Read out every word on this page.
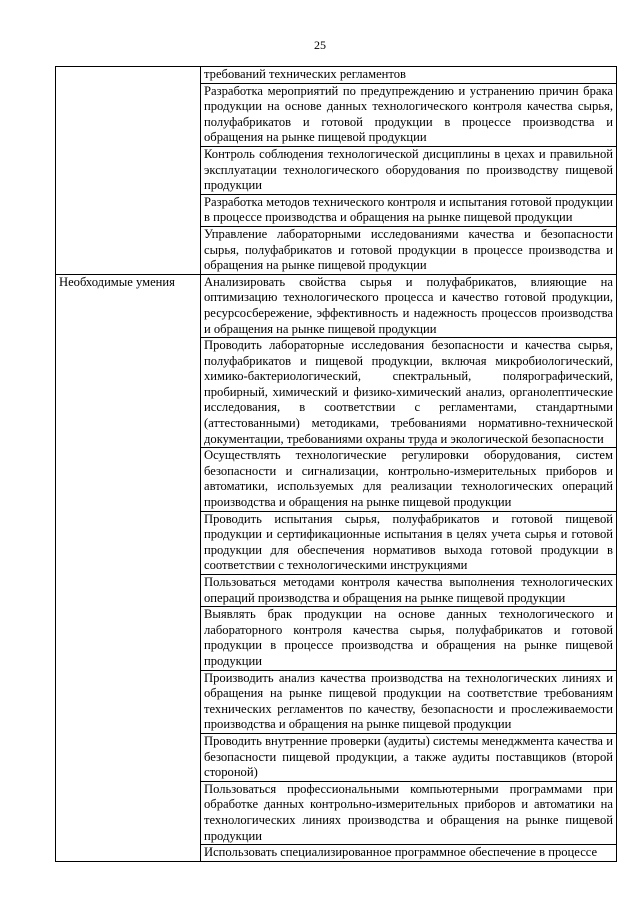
25

	требований технических регламентов

	Разработка мероприятий по предупреждению и устранению причин брака продукции на основе данных технологического контроля качества сырья, полуфабрикатов и готовой продукции в процессе производства и обращения на рынке пищевой продукции

	Контроль соблюдения технологической дисциплины в цехах и правильной эксплуатации технологического оборудования по производству пищевой продукции

	Разработка методов технического контроля и испытания готовой продукции в процессе производства и обращения на рынке пищевой продукции

	Управление лабораторными исследованиями качества и безопасности сырья, полуфабрикатов и готовой продукции в процессе производства и обращения на рынке пищевой продукции

Необходимые умения	Анализировать свойства сырья и полуфабрикатов, влияющие на оптимизацию технологического процесса и качество готовой продукции, ресурсосбережение, эффективность и надежность процессов производства и обращения на рынке пищевой продукции

	Проводить лабораторные исследования безопасности и качества сырья, полуфабрикатов и пищевой продукции, включая микробиологический, химико-бактериологический, спектральный, полярографический, пробирный, химический и физико-химический анализ, органолептические исследования, в соответствии с регламентами, стандартными (аттестованными) методиками, требованиями нормативно-технической документации, требованиями охраны труда и экологической безопасности

	Осуществлять технологические регулировки оборудования, систем безопасности и сигнализации, контрольно-измерительных приборов и автоматики, используемых для реализации технологических операций производства и обращения на рынке пищевой продукции

	Проводить испытания сырья, полуфабрикатов и готовой пищевой продукции и сертификационные испытания в целях учета сырья и готовой продукции для обеспечения нормативов выхода готовой продукции в соответствии с технологическими инструкциями

	Пользоваться методами контроля качества выполнения технологических операций производства и обращения на рынке пищевой продукции

	Выявлять брак продукции на основе данных технологического и лабораторного контроля качества сырья, полуфабрикатов и готовой продукции в процессе производства и обращения на рынке пищевой продукции

	Производить анализ качества производства на технологических линиях и обращения на рынке пищевой продукции на соответствие требованиям технических регламентов по качеству, безопасности и прослеживаемости производства и обращения на рынке пищевой продукции

	Проводить внутренние проверки (аудиты) системы менеджмента качества и безопасности пищевой продукции, а также аудиты поставщиков (второй стороной)

	Пользоваться профессиональными компьютерными программами при обработке данных контрольно-измерительных приборов и автоматики на технологических линиях производства и обращения на рынке пищевой продукции

	Использовать специализированное программное обеспечение в процессе
